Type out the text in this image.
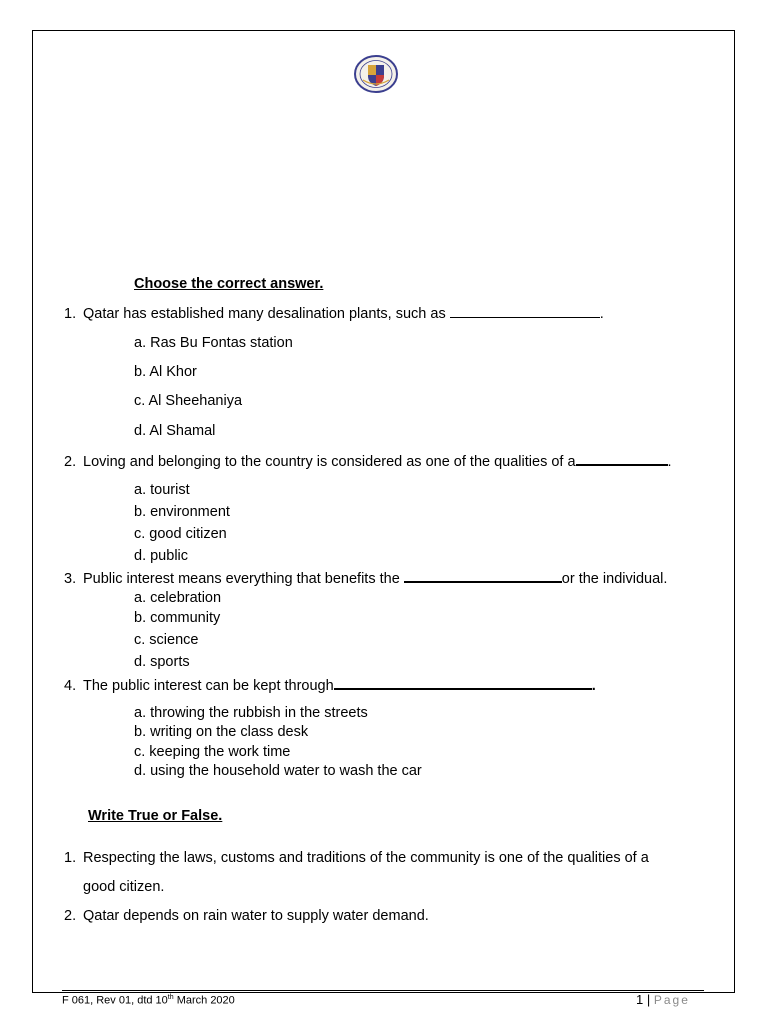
Choose the correct answer.
1. Qatar has established many desalination plants, such as	.
a. Ras Bu Fontas station
b. Al Khor
c. Al Sheehaniya
d. Al Shamal
2. Loving and belonging to the country is considered as one of the qualities of a	.
a. tourist
b. environment
c. good citizen
d. public
3. Public interest means everything that benefits the	or the individual.
a. celebration
b. community
c. science
d. sports
4. The public interest can be kept through	.
a. throwing the rubbish in the streets
b. writing on the class desk
c. keeping the work time
d. using the household water to wash the car
Write True or False.
1. Respecting the laws, customs and traditions of the community is one of the qualities of a
good citizen.
2. Qatar depends on rain water to supply water demand.
F 061, Rev 01, dtd 10th March 2020	1 | Page
